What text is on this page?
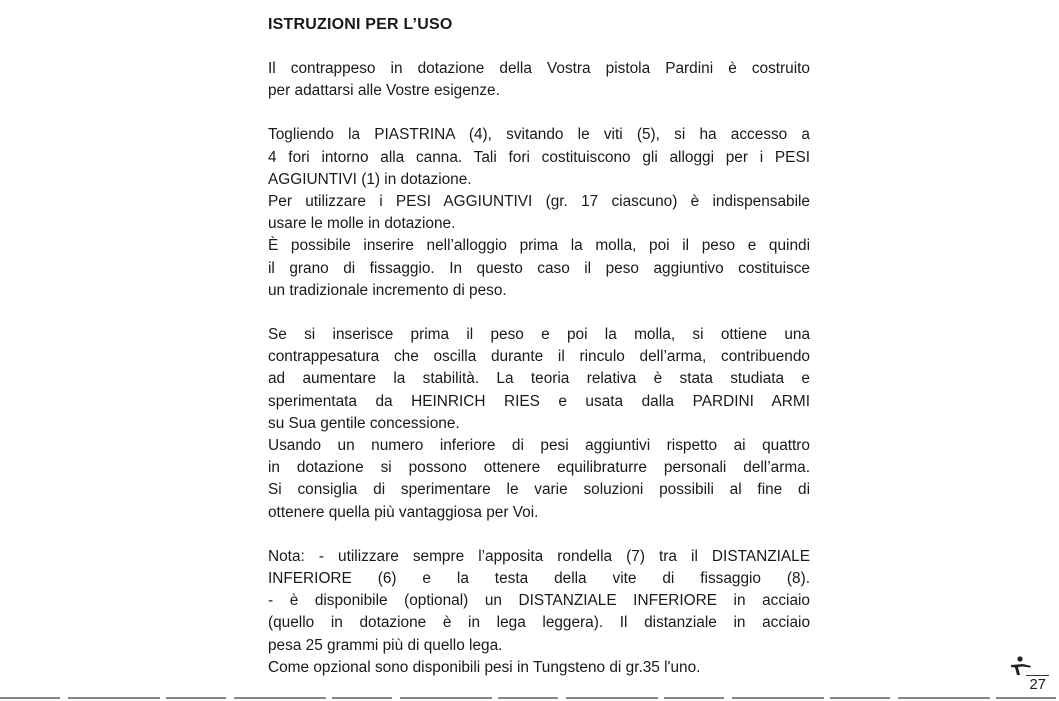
ISTRUZIONI PER L’USO
Il contrappeso in dotazione della Vostra pistola Pardini è costruito
per adattarsi alle Vostre esigenze.
Togliendo la PIASTRINA (4), svitando le viti (5), si ha accesso a
4 fori intorno alla canna. Tali fori costituiscono gli alloggi per i PESI
AGGIUNTIVI (1) in dotazione.
Per utilizzare i PESI AGGIUNTIVI (gr. 17 ciascuno) è indispensabile
usare le molle in dotazione.
È possibile inserire nell’alloggio prima la molla, poi il peso e quindi
il grano di fissaggio. In questo caso il peso aggiuntivo costituisce
un tradizionale incremento di peso.
Se si inserisce prima il peso e poi la molla, si ottiene una
contrappesatura che oscilla durante il rinculo dell’arma, contribuendo
ad aumentare la stabilità. La teoria relativa è stata studiata e
sperimentata da HEINRICH RIES e usata dalla PARDINI ARMI
su Sua gentile concessione.
Usando un numero inferiore di pesi aggiuntivi rispetto ai quattro
in dotazione si possono ottenere equilibraturre personali dell’arma.
Si consiglia di sperimentare le varie soluzioni possibili al fine di
ottenere quella più vantaggiosa per Voi.
Nota: - utilizzare sempre l’apposita rondella (7) tra il DISTANZIALE
INFERIORE (6) e la testa della vite di fissaggio (8).
- è disponibile (optional) un DISTANZIALE INFERIORE in acciaio
(quello in dotazione è in lega leggera). Il distanziale in acciaio
pesa 25 grammi più di quello lega.
Come opzional sono disponibili pesi in Tungsteno di gr.35 l'uno.
27
